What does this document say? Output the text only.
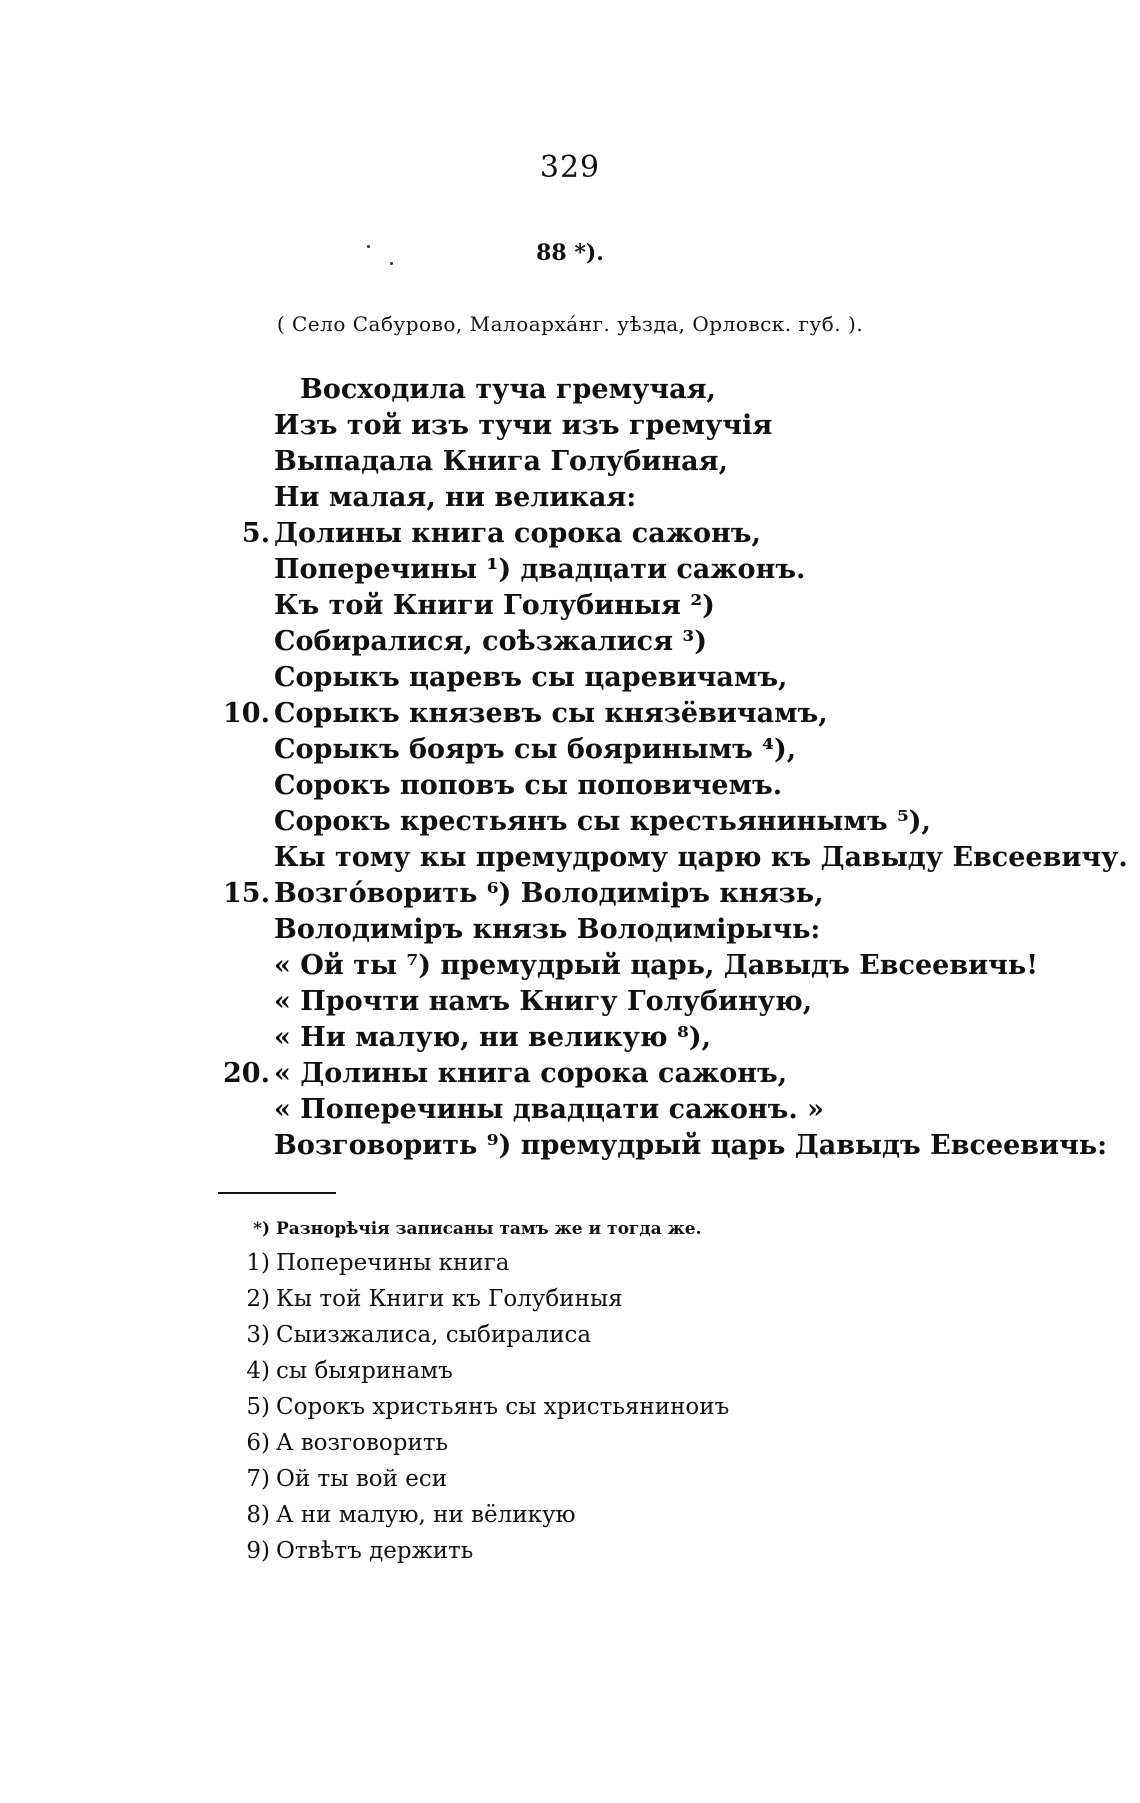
329
88 *).
( Село Сабурово, Малоархáнг. уѣзда, Орловск. губ. ).
Восходила туча гремучая,
Изъ той изъ тучи изъ гремучія
Выпадала Книга Голубиная,
Ни малая, ни великая:
5. Долины книга сорока сажонъ,
Поперечины ¹) двадцати сажонъ.
Къ той Книги Голубиныя ²)
Собиралися, соѣзжалися ³)
Сорыкъ царевъ сы царевичамъ,
10. Сорыкъ князевъ сы князёвичамъ,
Сорыкъ бояръ сы бояринымъ ⁴),
Сорокъ поповъ сы поповичемъ.
Сорокъ крестьянъ сы крестьянинымъ ⁵),
Кы тому кы премудрому царю къ Давыду Евсеевичу.
15. Возгóворить ⁶) Володимiръ князь,
Володимiръ князь Володимiрычь:
« Ой ты ⁷) премудрый царь, Давыдъ Евсеевичь!
« Прочти намъ Книгу Голубиную,
« Ни малую, ни великую ⁸),
20. « Долины книга сорока сажонъ,
« Поперечины двадцати сажонъ. »
Возговорить ⁹) премудрый царь Давыдъ Евсеевичь:
*) Разнорѣчія записаны тамъ же и тогда же.
1) Поперечины книга
2) Кы той Книги къ Голубиныя
3) Сыизжалиса, сыбиралиса
4) сы быяринамъ
5) Сорокъ христьянъ сы христьяниноиъ
6) А возговорить
7) Ой ты вой еси
8) А ни малую, ни вёликую
9) Отвѣтъ держить
